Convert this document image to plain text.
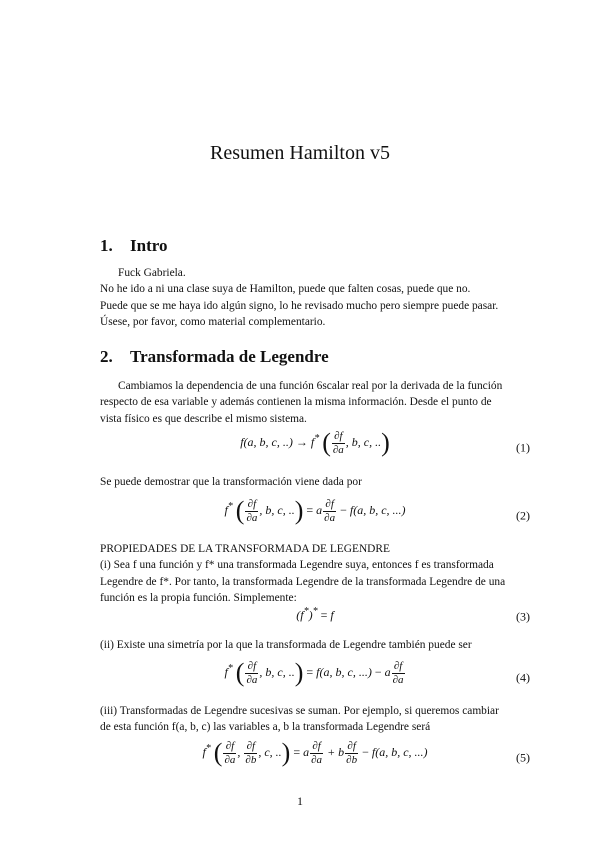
Resumen Hamilton v5
1. Intro
Fuck Gabriela.
No he ido a ni una clase suya de Hamilton, puede que falten cosas, puede que no.
Puede que se me haya ido algún signo, lo he revisado mucho pero siempre puede pasar.
Úsese, por favor, como material complementario.
2. Transformada de Legendre
Cambiamos la dependencia de una función 6scalar real por la derivada de la función
respecto de esa variable y además contienen la misma información. Desde el punto de
vista físico es que describe el mismo sistema.
f(a, b, c, ..) → f* ( $\frac{\partial f}{\partial a}$ , b, c, ..)	(1)
Se puede demostrar que la transformación viene dada por
f* ( $\frac{\partial f}{\partial a}$ , b, c, ..) = a $\frac{\partial f}{\partial a} - f(a$, b, c, ...)	(2)
PROPIEDADES DE LA TRANSFORMADA DE LEGENDRE
(i) Sea f una función y f* una transformada Legendre suya, entonces f es transformada
Legendre de f*. Por tanto, la transformada Legendre de la transformada Legendre de una
función es la propia función. Simplemente:
(f*)* = f	(3)
(ii) Existe una simetría por la que la transformada de Legendre también puede ser
f* ( $\frac{\partial f}{\partial a}$ , b, c, ..) = f(a, b, c, ...) − a $\frac{\partial f}{\partial a}$	(4)
(iii) Transformadas de Legendre sucesivas se suman. Por ejemplo, si queremos cambiar
de esta función f(a, b, c) las variables a, b la transformada Legendre será
f* ( $\frac{\partial f}{\partial a}$ , $\frac{\partial f}{\partial b}$ , c, ..) = a $\frac{\partial f}{\partial a} + b \frac{\partial f}{\partial b} - f(a$, b, c, ...)	(5)
1
